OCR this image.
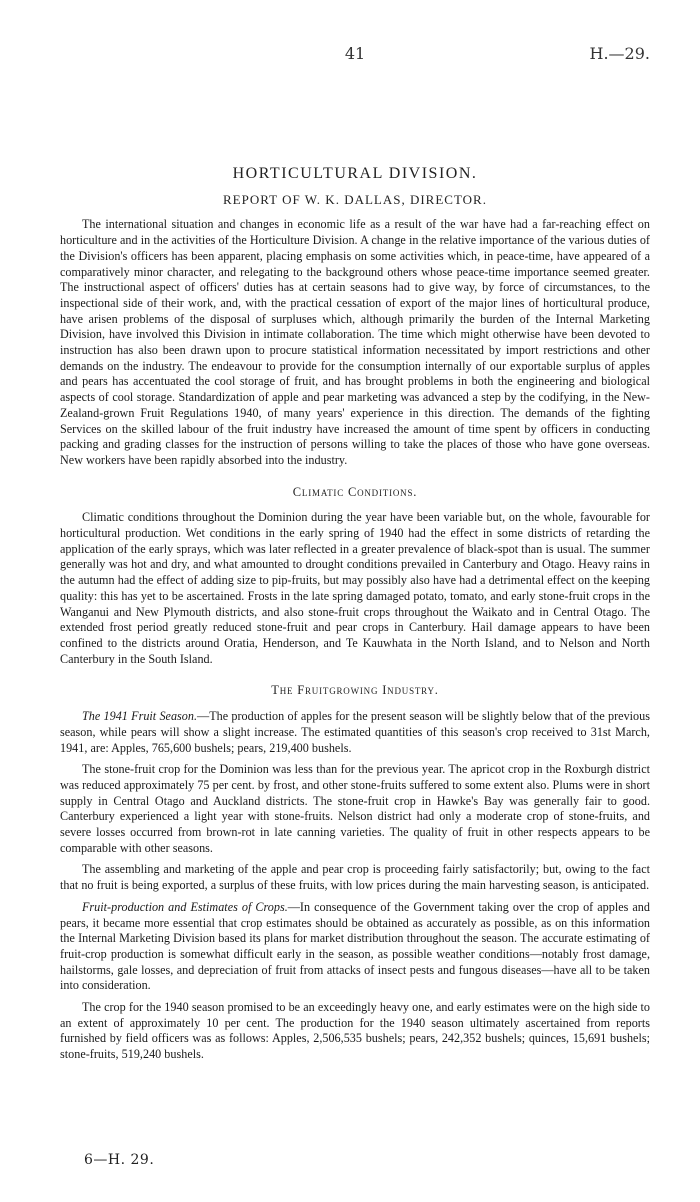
41	H.—29.
HORTICULTURAL DIVISION.
REPORT OF W. K. DALLAS, DIRECTOR.

The international situation and changes in economic life as a result of the war have had a far-reaching effect on horticulture and in the activities of the Horticulture Division. A change in the relative importance of the various duties of the Division's officers has been apparent, placing emphasis on some activities which, in peace-time, have appeared of a comparatively minor character, and relegating to the background others whose peace-time importance seemed greater. The instructional aspect of officers' duties has at certain seasons had to give way, by force of circumstances, to the inspectional side of their work, and, with the practical cessation of export of the major lines of horticultural produce, have arisen problems of the disposal of surpluses which, although primarily the burden of the Internal Marketing Division, have involved this Division in intimate collaboration. The time which might otherwise have been devoted to instruction has also been drawn upon to procure statistical information necessitated by import restrictions and other demands on the industry. The endeavour to provide for the consumption internally of our exportable surplus of apples and pears has accentuated the cool storage of fruit, and has brought problems in both the engineering and biological aspects of cool storage. Standardization of apple and pear marketing was advanced a step by the codifying, in the New-Zealand-grown Fruit Regulations 1940, of many years' experience in this direction. The demands of the fighting Services on the skilled labour of the fruit industry have increased the amount of time spent by officers in conducting packing and grading classes for the instruction of persons willing to take the places of those who have gone overseas. New workers have been rapidly absorbed into the industry.

Climatic Conditions.

Climatic conditions throughout the Dominion during the year have been variable but, on the whole, favourable for horticultural production. Wet conditions in the early spring of 1940 had the effect in some districts of retarding the application of the early sprays, which was later reflected in a greater prevalence of black-spot than is usual. The summer generally was hot and dry, and what amounted to drought conditions prevailed in Canterbury and Otago. Heavy rains in the autumn had the effect of adding size to pip-fruits, but may possibly also have had a detrimental effect on the keeping quality: this has yet to be ascertained. Frosts in the late spring damaged potato, tomato, and early stone-fruit crops in the Wanganui and New Plymouth districts, and also stone-fruit crops throughout the Waikato and in Central Otago. The extended frost period greatly reduced stone-fruit and pear crops in Canterbury. Hail damage appears to have been confined to the districts around Oratia, Henderson, and Te Kauwhata in the North Island, and to Nelson and North Canterbury in the South Island.

The Fruitgrowing Industry.

The 1941 Fruit Season.—The production of apples for the present season will be slightly below that of the previous season, while pears will show a slight increase. The estimated quantities of this season's crop received to 31st March, 1941, are: Apples, 765,600 bushels; pears, 219,400 bushels.

The stone-fruit crop for the Dominion was less than for the previous year. The apricot crop in the Roxburgh district was reduced approximately 75 per cent. by frost, and other stone-fruits suffered to some extent also. Plums were in short supply in Central Otago and Auckland districts. The stone-fruit crop in Hawke's Bay was generally fair to good. Canterbury experienced a light year with stone-fruits. Nelson district had only a moderate crop of stone-fruits, and severe losses occurred from brown-rot in late canning varieties. The quality of fruit in other respects appears to be comparable with other seasons.

The assembling and marketing of the apple and pear crop is proceeding fairly satisfactorily; but, owing to the fact that no fruit is being exported, a surplus of these fruits, with low prices during the main harvesting season, is anticipated.

Fruit-production and Estimates of Crops.—In consequence of the Government taking over the crop of apples and pears, it became more essential that crop estimates should be obtained as accurately as possible, as on this information the Internal Marketing Division based its plans for market distribution throughout the season. The accurate estimating of fruit-crop production is somewhat difficult early in the season, as possible weather conditions—notably frost damage, hailstorms, gale losses, and depreciation of fruit from attacks of insect pests and fungous diseases—have all to be taken into consideration.

The crop for the 1940 season promised to be an exceedingly heavy one, and early estimates were on the high side to an extent of approximately 10 per cent. The production for the 1940 season ultimately ascertained from reports furnished by field officers was as follows: Apples, 2,506,535 bushels; pears, 242,352 bushels; quinces, 15,691 bushels; stone-fruits, 519,240 bushels.

6—H. 29.
